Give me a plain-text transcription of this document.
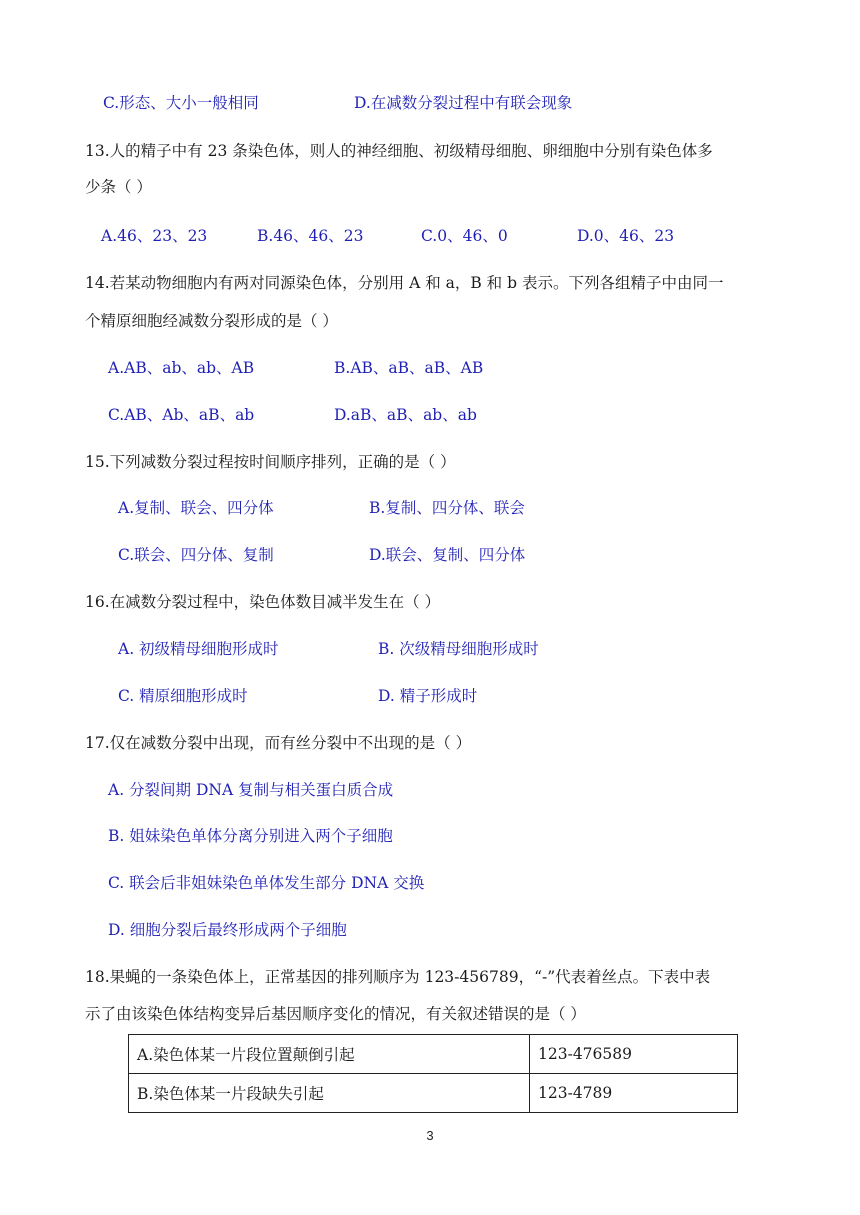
C.形态、大小一般相同	D.在减数分裂过程中有联会现象
13.人的精子中有 23 条染色体，则人的神经细胞、初级精母细胞、卵细胞中分别有染色体多
少条（ ）
A.46、23、23	B.46、46、23	C.0、46、0	D.0、46、23
14.若某动物细胞内有两对同源染色体，分别用 A 和 a，B 和 b 表示。下列各组精子中由同一
个精原细胞经减数分裂形成的是（ ）
A.AB、ab、ab、AB	B.AB、aB、aB、AB
C.AB、Ab、aB、ab	D.aB、aB、ab、ab
15.下列减数分裂过程按时间顺序排列，正确的是（ ）
A.复制、联会、四分体	B.复制、四分体、联会
C.联会、四分体、复制	D.联会、复制、四分体
16.在减数分裂过程中，染色体数目减半发生在（ ）
A. 初级精母细胞形成时	B. 次级精母细胞形成时
C. 精原细胞形成时	D. 精子形成时
17.仅在减数分裂中出现，而有丝分裂中不出现的是（ ）
A. 分裂间期 DNA 复制与相关蛋白质合成
B. 姐妹染色单体分离分别进入两个子细胞
C. 联会后非姐妹染色单体发生部分 DNA 交换
D. 细胞分裂后最终形成两个子细胞
18.果蝇的一条染色体上，正常基因的排列顺序为 123-456789，“-”代表着丝点。下表中表
示了由该染色体结构变异后基因顺序变化的情况，有关叙述错误的是（ ）
A.染色体某一片段位置颠倒引起	123-476589
B.染色体某一片段缺失引起	123-4789
3
